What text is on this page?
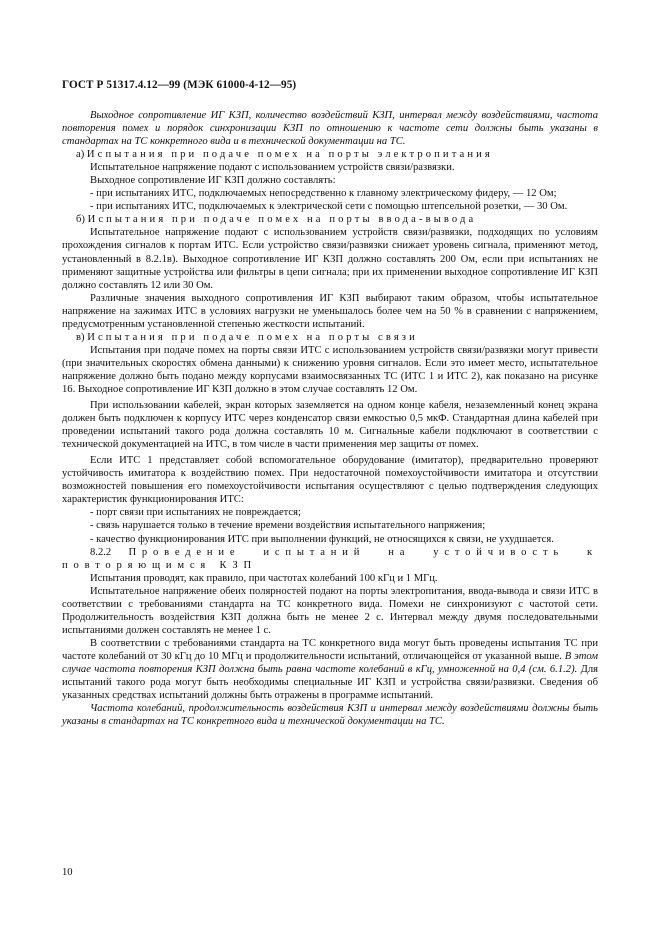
ГОСТ Р 51317.4.12—99 (МЭК 61000-4-12—95)

Выходное сопротивление ИГ КЗП, количество воздействий КЗП, интервал между воздействиями, частота повторения помех и порядок синхронизации КЗП по отношению к частоте сети должны быть указаны в стандартах на ТС конкретного вида и в технической документации на ТС.

а) Испытания при подаче помех на порты электропитания

Испытательное напряжение подают с использованием устройств связи/развязки.

Выходное сопротивление ИГ КЗП должно составлять:

- при испытаниях ИТС, подключаемых непосредственно к главному электрическому фидеру, — 12 Ом;

- при испытаниях ИТС, подключаемых к электрической сети с помощью штепсельной розетки, — 30 Ом.

б) Испытания при подаче помех на порты ввода-вывода

Испытательное напряжение подают с использованием устройств связи/развязки, подходящих по условиям прохождения сигналов к портам ИТС. Если устройство связи/развязки снижает уровень сигнала, применяют метод, установленный в 8.2.1в). Выходное сопротивление ИГ КЗП должно составлять 200 Ом, если при испытаниях не применяют защитные устройства или фильтры в цепи сигнала; при их применении выходное сопротивление ИГ КЗП должно составлять 12 или 30 Ом.

Различные значения выходного сопротивления ИГ КЗП выбирают таким образом, чтобы испытательное напряжение на зажимах ИТС в условиях нагрузки не уменьшалось более чем на 50 % в сравнении с напряжением, предусмотренным установленной степенью жесткости испытаний.

в) Испытания при подаче помех на порты связи

Испытания при подаче помех на порты связи ИТС с использованием устройств связи/развязки могут привести (при значительных скоростях обмена данными) к снижению уровня сигналов. Если это имеет место, испытательное напряжение должно быть подано между корпусами взаимосвязанных ТС (ИТС 1 и ИТС 2), как показано на рисунке 16. Выходное сопротивление ИГ КЗП должно в этом случае составлять 12 Ом.

При использовании кабелей, экран которых заземляется на одном конце кабеля, незаземленный конец экрана должен быть подключен к корпусу ИТС через конденсатор связи емкостью 0,5 мкФ. Стандартная длина кабелей при проведении испытаний такого рода должна составлять 10 м. Сигнальные кабели подключают в соответствии с технической документацией на ИТС, в том числе в части применения мер защиты от помех.

Если ИТС 1 представляет собой вспомогательное оборудование (имитатор), предварительно проверяют устойчивость имитатора к воздействию помех. При недостаточной помехоустойчивости имитатора и отсутствии возможностей повышения его помехоустойчивости испытания осуществляют с целью подтверждения следующих характеристик функционирования ИТС:

- порт связи при испытаниях не повреждается;

- связь нарушается только в течение времени воздействия испытательного напряжения;

- качество функционирования ИТС при выполнении функций, не относящихся к связи, не ухудшается.

8.2.2 Проведение испытаний на устойчивость к повторяющимся КЗП

Испытания проводят, как правило, при частотах колебаний 100 кГц и 1 МГц.

Испытательное напряжение обеих полярностей подают на порты электропитания, ввода-вывода и связи ИТС в соответствии с требованиями стандарта на ТС конкретного вида. Помехи не синхронизуют с частотой сети. Продолжительность воздействия КЗП должна быть не менее 2 с. Интервал между двумя последовательными испытаниями должен составлять не менее 1 с.

В соответствии с требованиями стандарта на ТС конкретного вида могут быть проведены испытания ТС при частоте колебаний от 30 кГц до 10 МГц и продолжительности испытаний, отличающейся от указанной выше. В этом случае частота повторения КЗП должна быть равна частоте колебаний в кГц, умноженной на 0,4 (см. 6.1.2). Для испытаний такого рода могут быть необходимы специальные ИГ КЗП и устройства связи/развязки. Сведения об указанных средствах испытаний должны быть отражены в программе испытаний.

Частота колебаний, продолжительность воздействия КЗП и интервал между воздействиями должны быть указаны в стандартах на ТС конкретного вида и технической документации на ТС.

10
